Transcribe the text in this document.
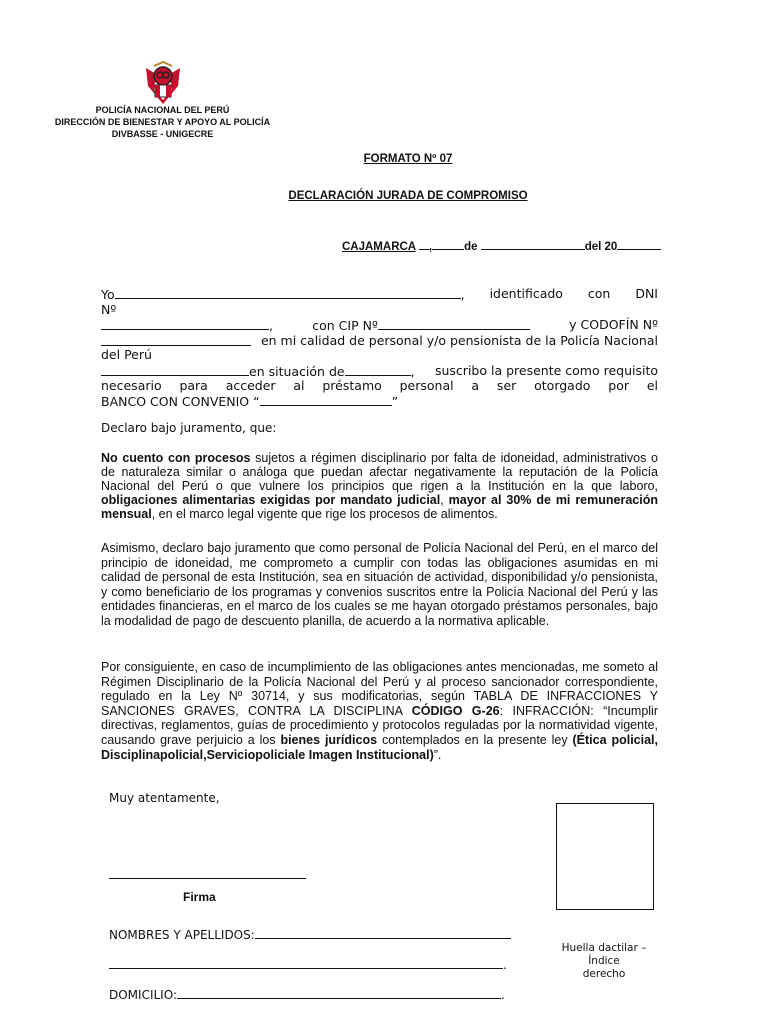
POLICÍA NACIONAL DEL PERÚ
DIRECCIÓN DE BIENESTAR Y APOYO AL POLICÍA
DIVBASSE - UNIGECRE
FORMATO Nº 07
DECLARACIÓN JURADA DE COMPROMISO
CAJAMARCA ,	de	del 20
Yo	, identificado con DNI
Nº
,	con CIP Nº	y CODOFÍN Nº
en mi calidad de personal y/o pensionista de la Policía Nacional
del Perú
en situación de	, suscribo la presente como requisito
necesario para acceder al préstamo personal a ser otorgado por el
BANCO CON CONVENIO “	”
Declaro bajo juramento, que:
No cuento con procesos sujetos a régimen disciplinario por falta de idoneidad, administrativos o de naturaleza similar o análoga que puedan afectar negativamente la reputación de la Policía Nacional del Perú o que vulnere los principios que rigen a la Institución en la que laboro, obligaciones alimentarias exigidas por mandato judicial, mayor al 30% de mi remuneración mensual, en el marco legal vigente que rige los procesos de alimentos.
Asimismo, declaro bajo juramento que como personal de Policía Nacional del Perú, en el marco del principio de idoneidad, me comprometo a cumplir con todas las obligaciones asumidas en mi calidad de personal de esta Institución, sea en situación de actividad, disponibilidad y/o pensionista, y como beneficiario de los programas y convenios suscritos entre la Policía Nacional del Perú y las entidades financieras, en el marco de los cuales se me hayan otorgado préstamos personales, bajo la modalidad de pago de descuento planilla, de acuerdo a la normativa aplicable.
Por consiguiente, en caso de incumplimiento de las obligaciones antes mencionadas, me someto al Régimen Disciplinario de la Policía Nacional del Perú y al proceso sancionador correspondiente, regulado en la Ley Nº 30714, y sus modificatorias, según TABLA DE INFRACCIONES Y SANCIONES GRAVES, CONTRA LA DISCIPLINA CÓDIGO G-26: INFRACCIÓN: “Incumplir directivas, reglamentos, guías de procedimiento y protocolos reguladas por la normatividad vigente, causando grave perjuicio a los bienes jurídicos contemplados en la presente ley (Ética policial, Disciplinapolicial,Serviciopoliciale Imagen Institucional)”.
Muy atentamente,
Firma
NOMBRES Y APELLIDOS:
.
DOMICILIO:	.
Huella dactilar –
Índice
derecho
